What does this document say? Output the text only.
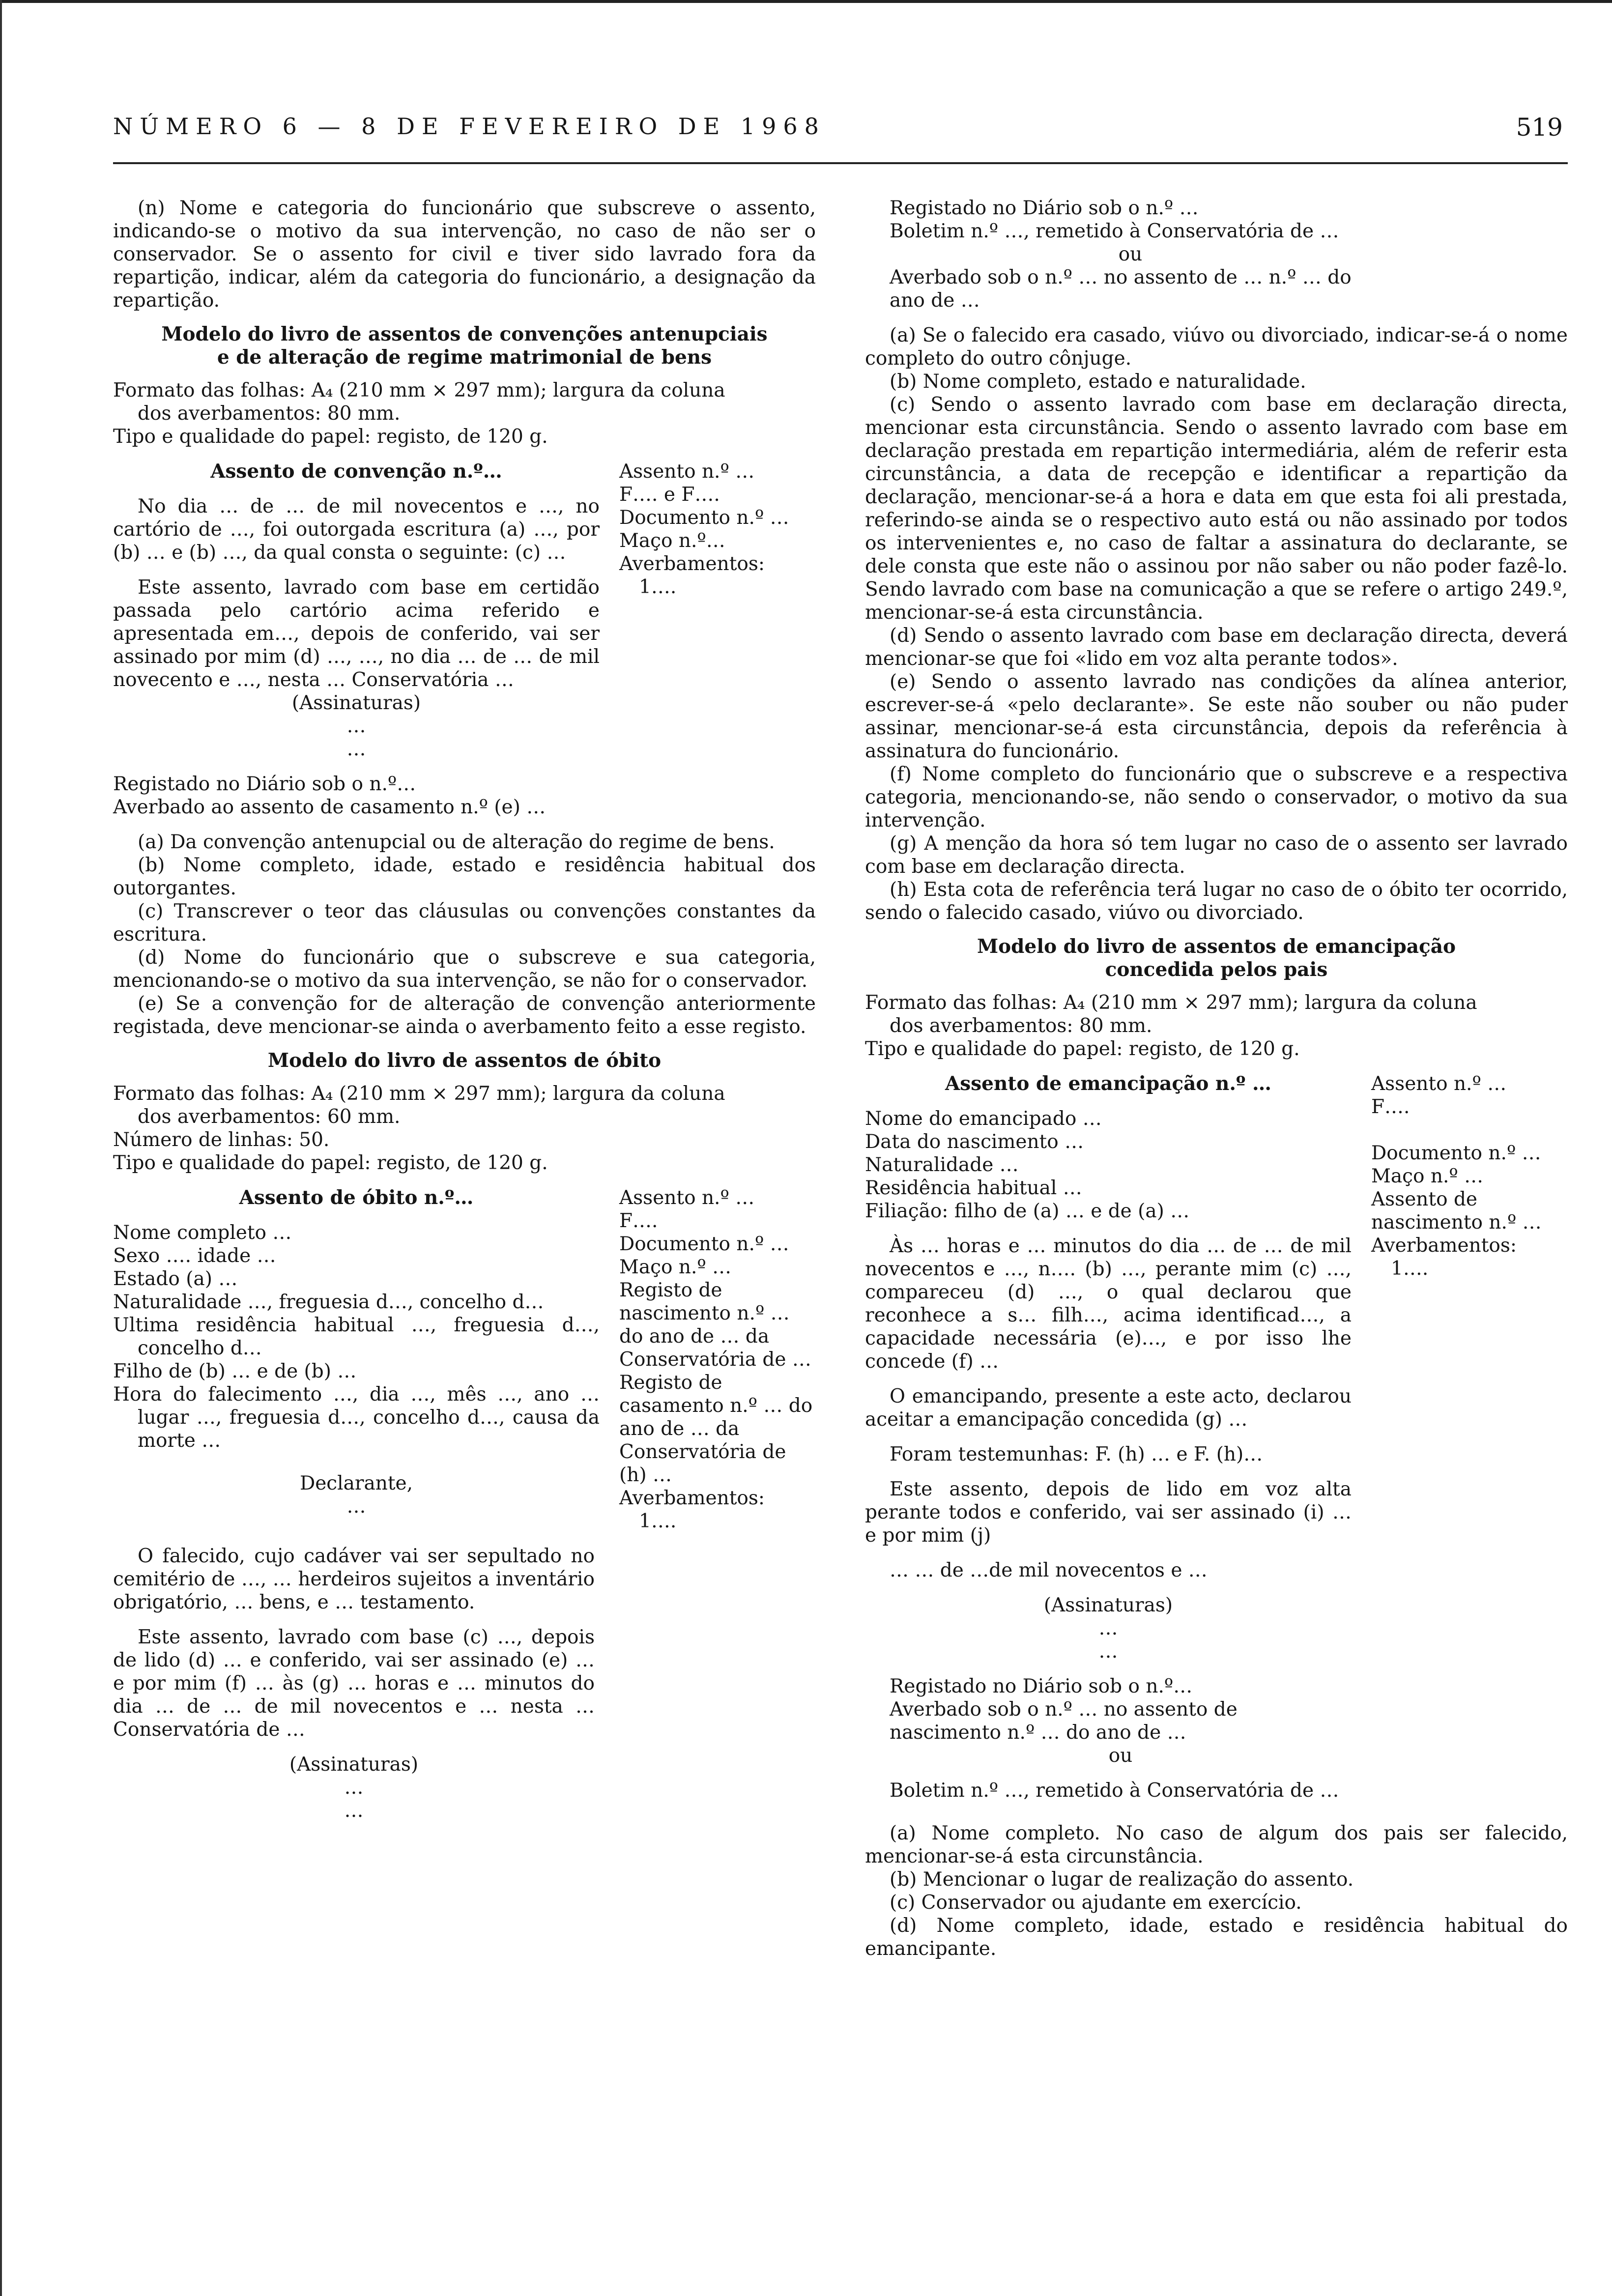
NÚMERO 6 — 8 DE FEVEREIRO DE 1968	519

(n) Nome e categoria do funcionário que subscreve o assento, indicando-se o motivo da sua intervenção, no caso de não ser o conservador. Se o assento for civil e tiver sido lavrado fora da repartição, indicar, além da categoria do funcionário, a designação da repartição.

Modelo do livro de assentos de convenções antenupciais
e de alteração de regime matrimonial de bens

Formato das folhas: A₄ (210 mm × 297 mm); largura da coluna

dos averbamentos: 80 mm.

Tipo e qualidade do papel: registo, de 120 g.

Assento de convenção n.º…

No dia … de … de mil novecentos e …, no cartório de …, foi outorgada escritura (a) …, por (b) … e (b) …, da qual consta o seguinte: (c) …

Este assento, lavrado com base em certidão passada pelo cartório acima referido e apresentada em…, depois de conferido, vai ser assinado por mim (d) …, …, no dia … de … de mil novecento e …, nesta … Conservatória …

(Assinaturas)

…

…

Assento n.º …
F…. e F….
Documento n.º …
Maço n.º…
Averbamentos:
1….

Registado no Diário sob o n.º…

Averbado ao assento de casamento n.º (e) …

(a) Da convenção antenupcial ou de alteração do regime de bens.

(b) Nome completo, idade, estado e residência habitual dos outorgantes.

(c) Transcrever o teor das cláusulas ou convenções constantes da escritura.

(d) Nome do funcionário que o subscreve e sua categoria, mencionando-se o motivo da sua intervenção, se não for o conservador.

(e) Se a convenção for de alteração de convenção anteriormente registada, deve mencionar-se ainda o averbamento feito a esse registo.

Modelo do livro de assentos de óbito

Formato das folhas: A₄ (210 mm × 297 mm); largura da coluna

dos averbamentos: 60 mm.

Número de linhas: 50.

Tipo e qualidade do papel: registo, de 120 g.

Assento de óbito n.º…

Nome completo …

Sexo …. idade …

Estado (a) …

Naturalidade …, freguesia d…, concelho d…

Ultima residência habitual …, freguesia d…, concelho d…

Filho de (b) … e de (b) …

Hora do falecimento …, dia …, mês …, ano … lugar …, freguesia d…, concelho d…, causa da morte …

Declarante,

…

Assento n.º …
F….
Documento n.º …
Maço n.º …
Registo de nascimento n.º … do ano de … da Conservatória de …
Registo de casamento n.º … do ano de … da Conservatória de (h) …
Averbamentos:
1….

O falecido, cujo cadáver vai ser sepultado no cemitério de …, … herdeiros sujeitos a inventário obrigatório, … bens, e … testamento.

Este assento, lavrado com base (c) …, depois de lido (d) … e conferido, vai ser assinado (e) … e por mim (f) … às (g) … horas e … minutos do dia … de … de mil novecentos e … nesta … Conservatória de …

(Assinaturas)

…

…

Registado no Diário sob o n.º …

Boletim n.º …, remetido à Conservatória de …

ou

Averbado sob o n.º … no assento de … n.º … do ano de …

(a) Se o falecido era casado, viúvo ou divorciado, indicar-se-á o nome completo do outro cônjuge.

(b) Nome completo, estado e naturalidade.

(c) Sendo o assento lavrado com base em declaração directa, mencionar esta circunstância. Sendo o assento lavrado com base em declaração prestada em repartição intermediária, além de referir esta circunstância, a data de recepção e identificar a repartição da declaração, mencionar-se-á a hora e data em que esta foi ali prestada, referindo-se ainda se o respectivo auto está ou não assinado por todos os intervenientes e, no caso de faltar a assinatura do declarante, se dele consta que este não o assinou por não saber ou não poder fazê-lo. Sendo lavrado com base na comunicação a que se refere o artigo 249.º, mencionar-se-á esta circunstância.

(d) Sendo o assento lavrado com base em declaração directa, deverá mencionar-se que foi «lido em voz alta perante todos».

(e) Sendo o assento lavrado nas condições da alínea anterior, escrever-se-á «pelo declarante». Se este não souber ou não puder assinar, mencionar-se-á esta circunstância, depois da referência à assinatura do funcionário.

(f) Nome completo do funcionário que o subscreve e a respectiva categoria, mencionando-se, não sendo o conservador, o motivo da sua intervenção.

(g) A menção da hora só tem lugar no caso de o assento ser lavrado com base em declaração directa.

(h) Esta cota de referência terá lugar no caso de o óbito ter ocorrido, sendo o falecido casado, viúvo ou divorciado.

Modelo do livro de assentos de emancipação
concedida pelos pais

Formato das folhas: A₄ (210 mm × 297 mm); largura da coluna

dos averbamentos: 80 mm.

Tipo e qualidade do papel: registo, de 120 g.

Assento de emancipação n.º …

Nome do emancipado …

Data do nascimento …

Naturalidade …

Residência habitual …

Filiação: filho de (a) … e de (a) …

Às … horas e … minutos do dia … de … de mil novecentos e …, n…. (b) …, perante mim (c) …, compareceu (d) …, o qual declarou que reconhece a s… filh…, acima identificad…, a capacidade necessária (e)…, e por isso lhe concede (f) …

O emancipando, presente a este acto, declarou aceitar a emancipação concedida (g) …

Foram testemunhas: F. (h) … e F. (h)…

Este assento, depois de lido em voz alta perante todos e conferido, vai ser assinado (i) … e por mim (j)

… … de …de mil novecentos e …

(Assinaturas)

…

…

Assento n.º …
F….
Documento n.º …
Maço n.º …
Assento de nascimento n.º …
Averbamentos:
1….

Registado no Diário sob o n.º…

Averbado sob o n.º … no assento de nascimento n.º … do ano de …

ou

Boletim n.º …, remetido à Conservatória de …

(a) Nome completo. No caso de algum dos pais ser falecido, mencionar-se-á esta circunstância.

(b) Mencionar o lugar de realização do assento.

(c) Conservador ou ajudante em exercício.

(d) Nome completo, idade, estado e residência habitual do emancipante.
